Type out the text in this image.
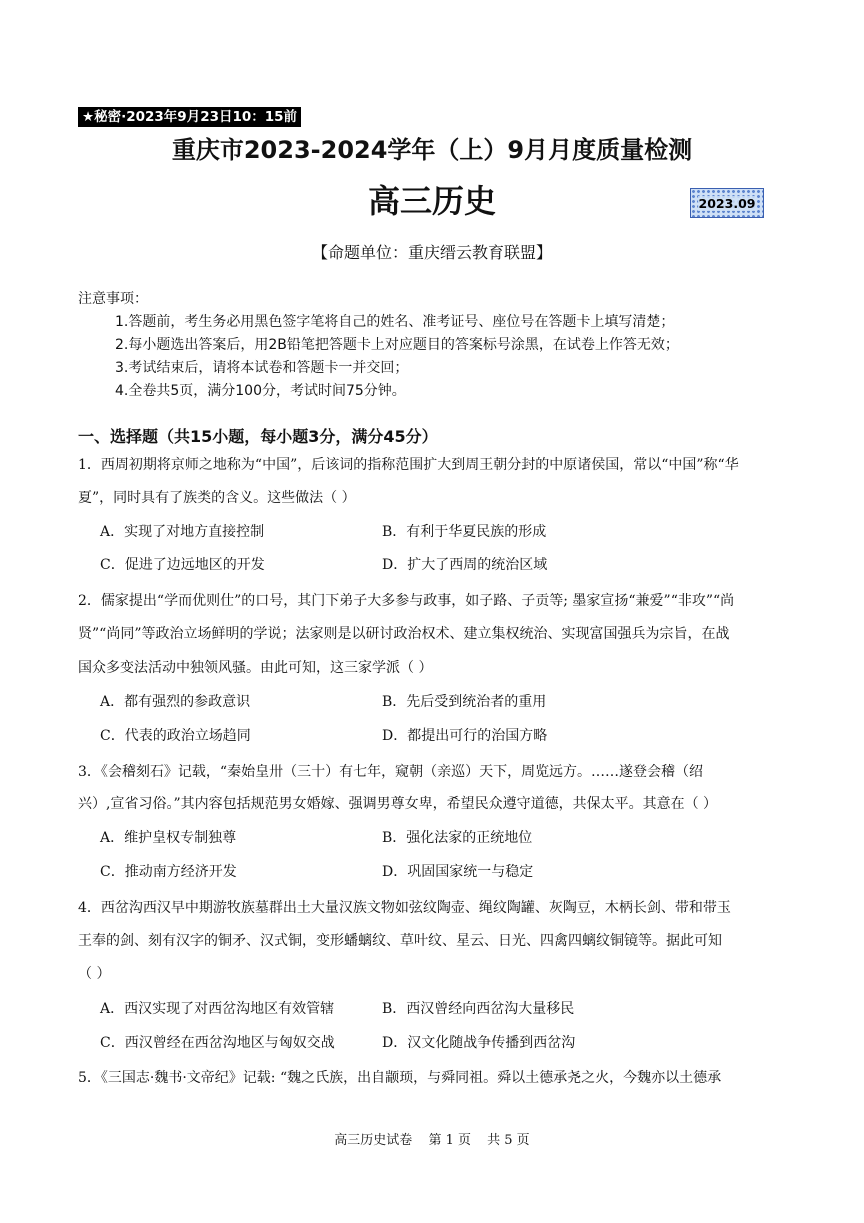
★秘密·2023年9月23日10：15前
重庆市2023-2024学年（上）9月月度质量检测
高三历史	2023.09
【命题单位：重庆缙云教育联盟】
注意事项：
1.答题前，考生务必用黑色签字笔将自己的姓名、准考证号、座位号在答题卡上填写清楚；
2.每小题选出答案后，用2B铅笔把答题卡上对应题目的答案标号涂黑，在试卷上作答无效；
3.考试结束后，请将本试卷和答题卡一并交回；
4.全卷共5页，满分100分，考试时间75分钟。
一、选择题（共15小题，每小题3分，满分45分）
1．西周初期将京师之地称为“中国”，后该词的指称范围扩大到周王朝分封的中原诸侯国，常以“中国”称“华
夏”，同时具有了族类的含义。这些做法（ ）
A．实现了对地方直接控制	B．有利于华夏民族的形成
C．促进了边远地区的开发	D．扩大了西周的统治区域
2．儒家提出“学而优则仕”的口号，其门下弟子大多参与政事，如子路、子贡等; 墨家宣扬“兼爱”“非攻”“尚
贤”“尚同”等政治立场鲜明的学说；法家则是以研讨政治权术、建立集权统治、实现富国强兵为宗旨，在战
国众多变法活动中独领风骚。由此可知，这三家学派（ ）
A．都有强烈的参政意识	B．先后受到统治者的重用
C．代表的政治立场趋同	D．都提出可行的治国方略
3．《会稽刻石》记载，“秦始皇卅（三十）有七年，窥朝（亲巡）天下，周览远方。……遂登会稽（绍
兴）,宣省习俗。”其内容包括规范男女婚嫁、强调男尊女卑，希望民众遵守道德，共保太平。其意在（ ）
A．维护皇权专制独尊	B．强化法家的正统地位
C．推动南方经济开发	D．巩固国家统一与稳定
4．西岔沟西汉早中期游牧族墓群出土大量汉族文物如弦纹陶壶、绳纹陶罐、灰陶豆，木柄长剑、带和带玉
王奉的剑、刻有汉字的铜矛、汉式铜，变形蟠螭纹、草叶纹、星云、日光、四禽四螭纹铜镜等。据此可知
（ ）
A．西汉实现了对西岔沟地区有效管辖	B．西汉曾经向西岔沟大量移民
C．西汉曾经在西岔沟地区与匈奴交战	D．汉文化随战争传播到西岔沟
5．《三国志·魏书·文帝纪》记载: “魏之氏族，出自颛顼，与舜同祖。舜以土德承尧之火，今魏亦以土德承
高三历史试卷 第 1 页 共 5 页
